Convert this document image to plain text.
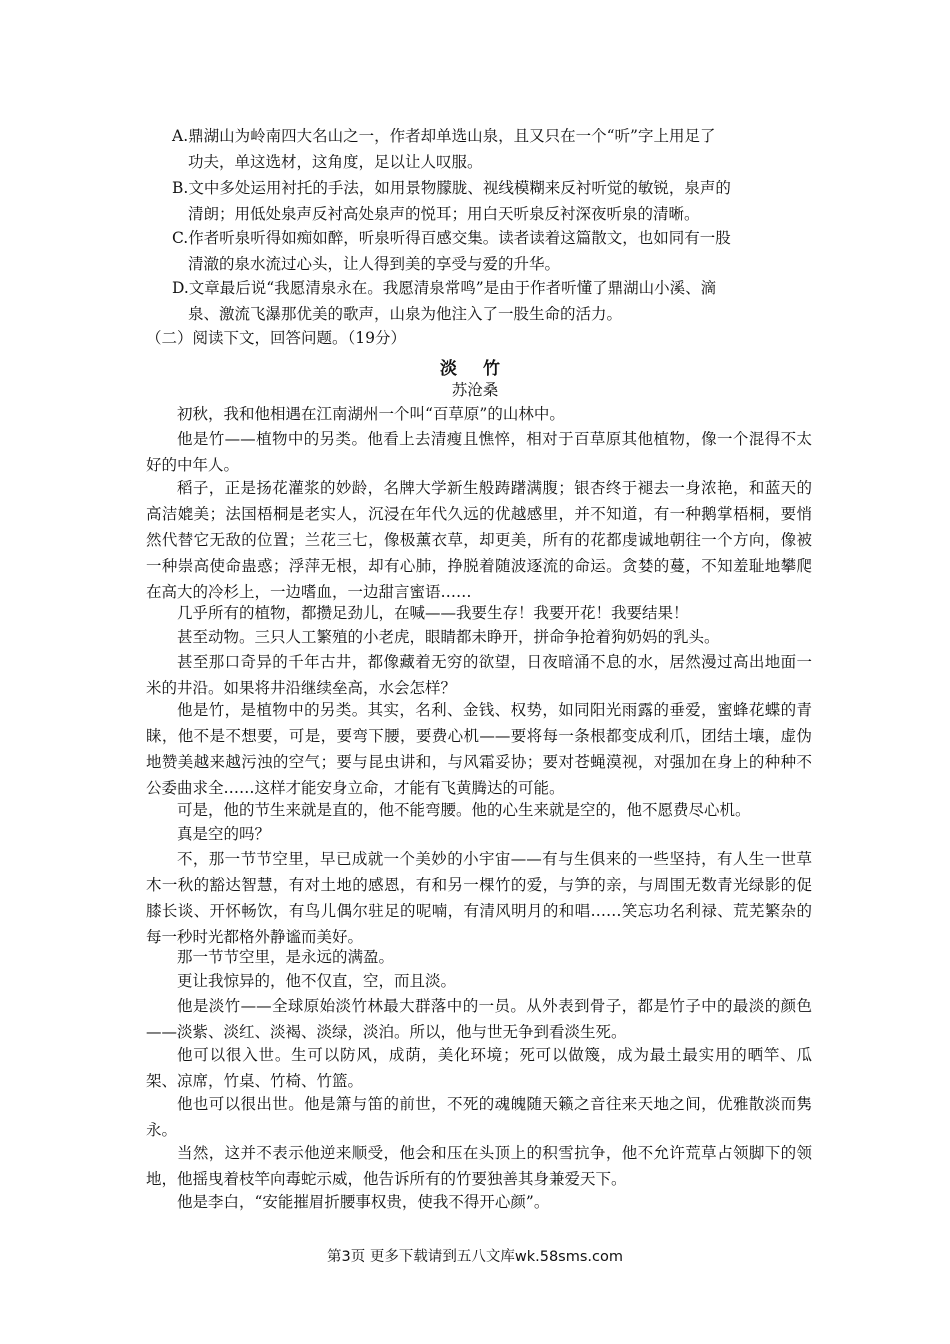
A.鼎湖山为岭南四大名山之一，作者却单选山泉，且又只在一个“听”字上用足了
功夫，单这选材，这角度，足以让人叹服。
B.文中多处运用衬托的手法，如用景物朦胧、视线模糊来反衬听觉的敏锐，泉声的
清朗；用低处泉声反衬高处泉声的悦耳；用白天听泉反衬深夜听泉的清晰。
C.作者听泉听得如痴如醉，听泉听得百感交集。读者读着这篇散文，也如同有一股
清澈的泉水流过心头，让人得到美的享受与爱的升华。
D.文章最后说“我愿清泉永在。我愿清泉常鸣”是由于作者听懂了鼎湖山小溪、滴
泉、激流飞瀑那优美的歌声，山泉为他注入了一股生命的活力。
（二）阅读下文，回答问题。（19分）
淡 竹
苏沧桑
初秋，我和他相遇在江南湖州一个叫“百草原”的山林中。
他是竹——植物中的另类。他看上去清瘦且憔悴，相对于百草原其他植物，像一个混得不太好的中年人。
稻子，正是扬花灌浆的妙龄，名牌大学新生般踌躇满腹；银杏终于褪去一身浓艳，和蓝天的高洁媲美；法国梧桐是老实人，沉浸在年代久远的优越感里，并不知道，有一种鹅掌梧桐，要悄然代替它无敌的位置；兰花三七，像极薰衣草，却更美，所有的花都虔诚地朝往一个方向，像被一种崇高使命蛊惑；浮萍无根，却有心肺，挣脱着随波逐流的命运。贪婪的蔓，不知羞耻地攀爬在高大的冷杉上，一边嗜血，一边甜言蜜语……
几乎所有的植物，都攒足劲儿，在喊——我要生存！我要开花！我要结果！
甚至动物。三只人工繁殖的小老虎，眼睛都未睁开，拼命争抢着狗奶妈的乳头。
甚至那口奇异的千年古井，都像藏着无穷的欲望，日夜暗涌不息的水，居然漫过高出地面一米的井沿。如果将井沿继续垒高，水会怎样？
他是竹，是植物中的另类。其实，名利、金钱、权势，如同阳光雨露的垂爱，蜜蜂花蝶的青睐，他不是不想要，可是，要弯下腰，要费心机——要将每一条根都变成利爪，团结土壤，虚伪地赞美越来越污浊的空气；要与昆虫讲和，与风霜妥协；要对苍蝇漠视，对强加在身上的种种不公委曲求全……这样才能安身立命，才能有飞黄腾达的可能。
可是，他的节生来就是直的，他不能弯腰。他的心生来就是空的，他不愿费尽心机。
真是空的吗？
不，那一节节空里，早已成就一个美妙的小宇宙——有与生俱来的一些坚持，有人生一世草木一秋的豁达智慧，有对土地的感恩，有和另一棵竹的爱，与笋的亲，与周围无数青光绿影的促膝长谈、开怀畅饮，有鸟儿偶尔驻足的呢喃，有清风明月的和唱……笑忘功名利禄、荒芜繁杂的每一秒时光都格外静谧而美好。
那一节节空里，是永远的满盈。
更让我惊异的，他不仅直，空，而且淡。
他是淡竹——全球原始淡竹林最大群落中的一员。从外表到骨子，都是竹子中的最淡的颜色——淡紫、淡红、淡褐、淡绿，淡泊。所以，他与世无争到看淡生死。
他可以很入世。生可以防风，成荫，美化环境；死可以做篾，成为最土最实用的晒竿、瓜架、凉席，竹桌、竹椅、竹篮。
他也可以很出世。他是箫与笛的前世，不死的魂魄随天籁之音往来天地之间，优雅散淡而隽永。
当然，这并不表示他逆来顺受，他会和压在头顶上的积雪抗争，他不允许荒草占领脚下的领地，他摇曳着枝竿向毒蛇示威，他告诉所有的竹要独善其身兼爱天下。
他是李白，“安能摧眉折腰事权贵，使我不得开心颜”。
第3页 更多下载请到五八文库wk.58sms.com
